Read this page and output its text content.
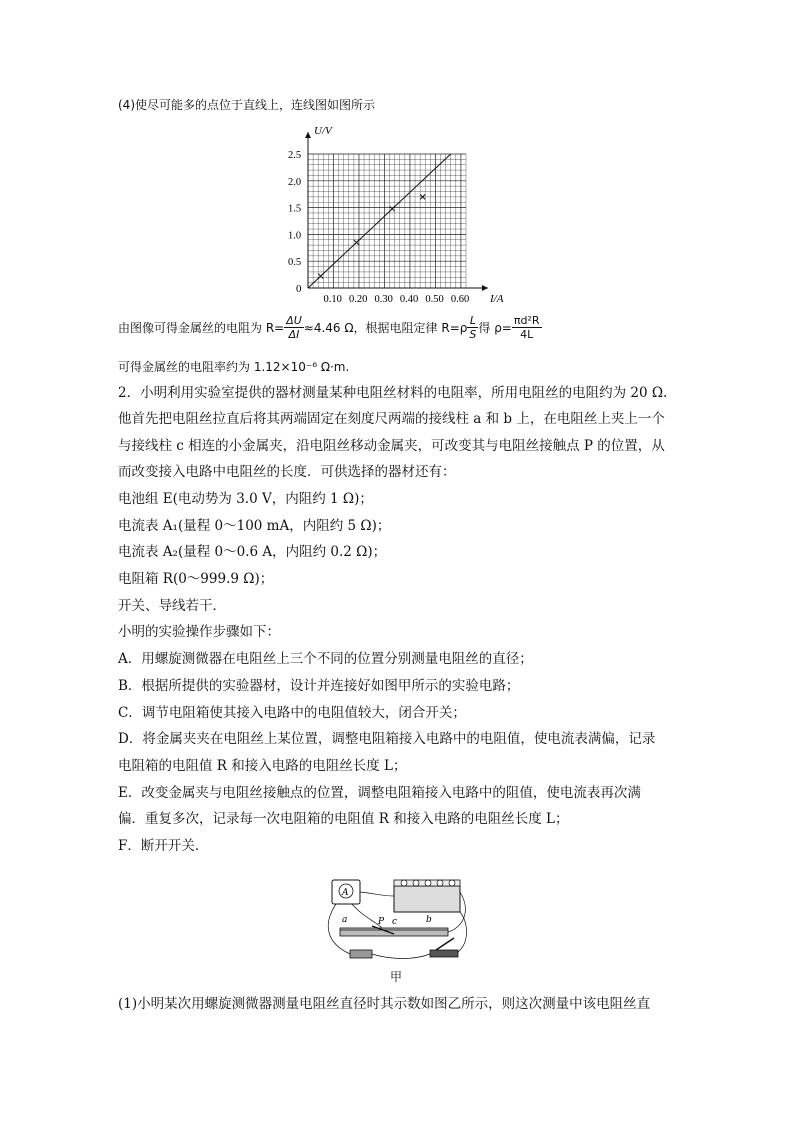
(4)使尽可能多的点位于直线上，连线图如图所示
0.10 0.20 0.30 0.40 0.50 0.60
0.5
1.0
1.5
2.0
2.5
U/V
I/A
0
由图像可得金属丝的电阻为 $R= \frac{\Delta U}{\Delta I} \approx 4.46$ Ω，根据电阻定律 $R=\rho \frac{L}{S}$ 得 $\rho= \frac{\text{πd²R}}{4L}$
可得金属丝的电阻率约为 1.12×10⁻⁶ Ω·m.
2．小明利用实验室提供的器材测量某种电阻丝材料的电阻率，所用电阻丝的电阻约为 20 Ω.
他首先把电阻丝拉直后将其两端固定在刻度尺两端的接线柱 a 和 b 上，在电阻丝上夹上一个
与接线柱 c 相连的小金属夹，沿电阻丝移动金属夹，可改变其与电阻丝接触点 P 的位置，从
而改变接入电路中电阻丝的长度．可供选择的器材还有：
电池组 E(电动势为 3.0 V，内阻约 1 Ω)；
电流表 A₁(量程 0～100 mA，内阻约 5 Ω)；
电流表 A₂(量程 0～0.6 A，内阻约 0.2 Ω)；
电阻箱 R(0～999.9 Ω)；
开关、导线若干．
小明的实验操作步骤如下：
A．用螺旋测微器在电阻丝上三个不同的位置分别测量电阻丝的直径；
B．根据所提供的实验器材，设计并连接好如图甲所示的实验电路；
C．调节电阻箱使其接入电路中的电阻值较大，闭合开关；
D．将金属夹夹在电阻丝上某位置，调整电阻箱接入电路中的电阻值，使电流表满偏，记录
电阻箱的电阻值 R 和接入电路的电阻丝长度 L；
E．改变金属夹与电阻丝接触点的位置，调整电阻箱接入电路中的阻值，使电流表再次满
偏．重复多次，记录每一次电阻箱的电阻值 R 和接入电路的电阻丝长度 L；
F．断开开关．
A
a	P c	b
甲
(1)小明某次用螺旋测微器测量电阻丝直径时其示数如图乙所示，则这次测量中该电阻丝直
